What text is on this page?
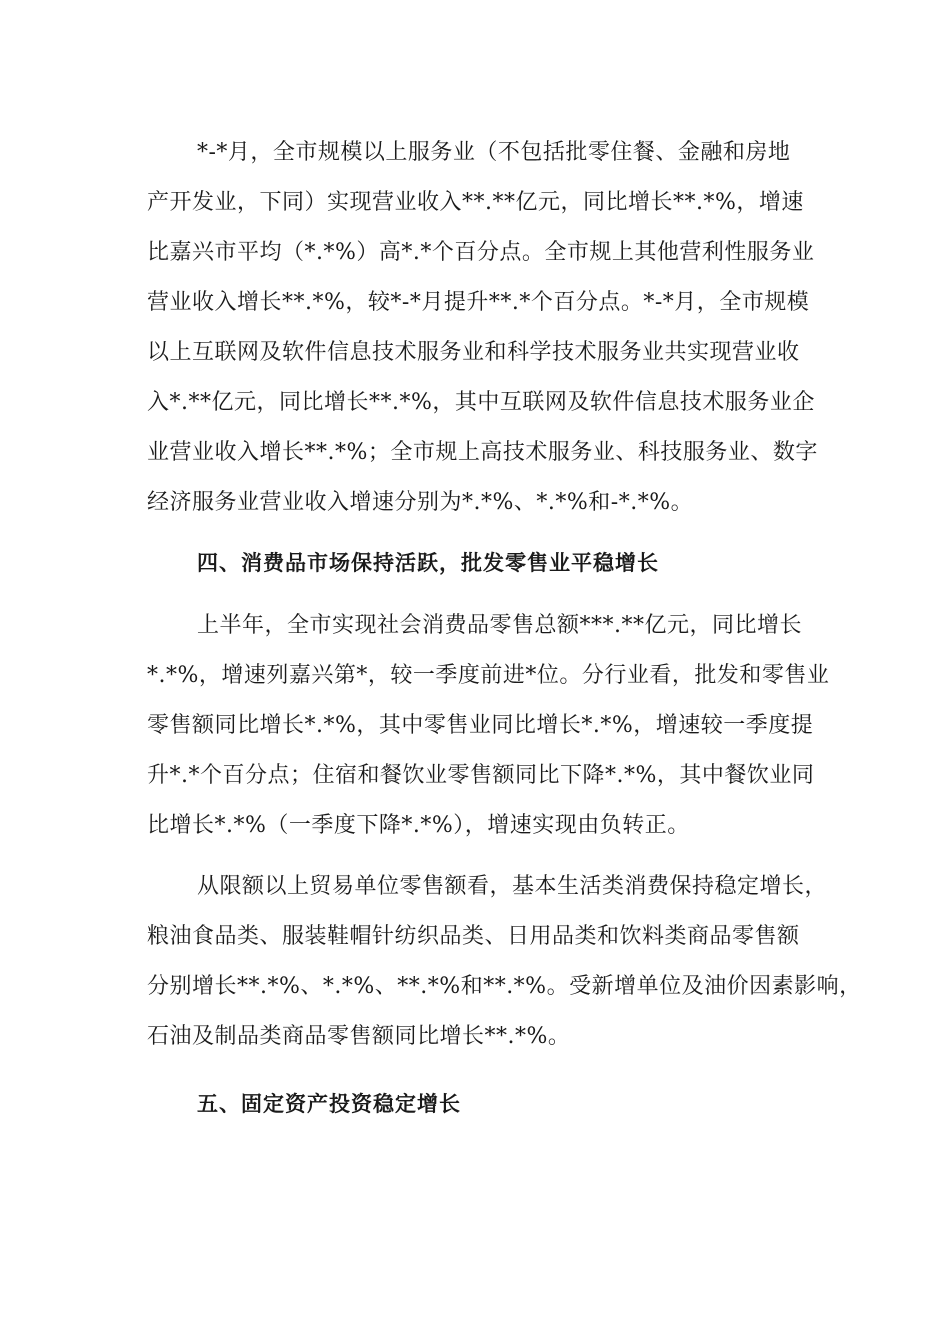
*-*月，全市规模以上服务业（不包括批零住餐、金融和房地
产开发业，下同）实现营业收入**.**亿元，同比增长**.*%，增速
比嘉兴市平均（*.*%）高*.*个百分点。全市规上其他营利性服务业
营业收入增长**.*%，较*-*月提升**.*个百分点。*-*月，全市规模
以上互联网及软件信息技术服务业和科学技术服务业共实现营业收
入*.**亿元，同比增长**.*%，其中互联网及软件信息技术服务业企
业营业收入增长**.*%；全市规上高技术服务业、科技服务业、数字
经济服务业营业收入增速分别为*.*%、*.*%和-*.*%。
四、消费品市场保持活跃，批发零售业平稳增长
上半年，全市实现社会消费品零售总额***.**亿元，同比增长
*.*%，增速列嘉兴第*，较一季度前进*位。分行业看，批发和零售业
零售额同比增长*.*%，其中零售业同比增长*.*%，增速较一季度提
升*.*个百分点；住宿和餐饮业零售额同比下降*.*%，其中餐饮业同
比增长*.*%（一季度下降*.*%），增速实现由负转正。
从限额以上贸易单位零售额看，基本生活类消费保持稳定增长，
粮油食品类、服装鞋帽针纺织品类、日用品类和饮料类商品零售额
分别增长**.*%、*.*%、**.*%和**.*%。受新增单位及油价因素影响，
石油及制品类商品零售额同比增长**.*%。
五、固定资产投资稳定增长
